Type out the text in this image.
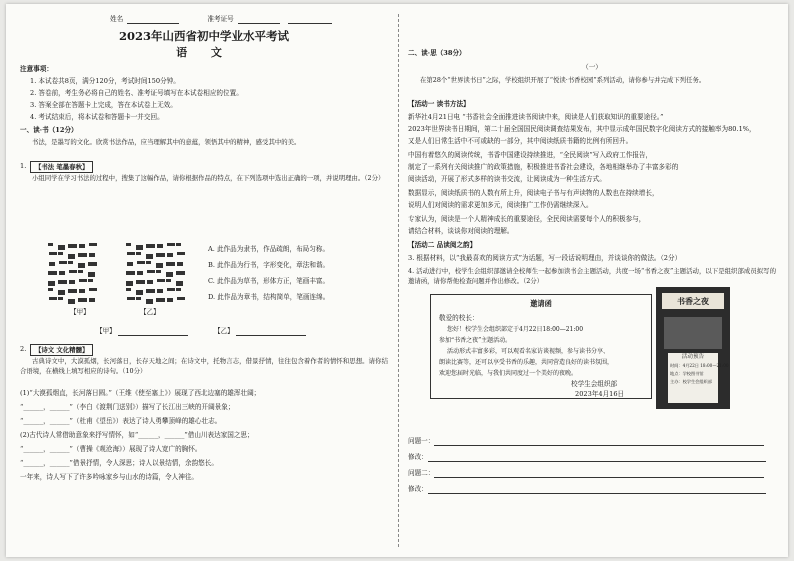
姓名	准考证号
2023年山西省初中学业水平考试
语 文
注意事项：
1. 本试卷共8页，满分120分，考试时间150分钟。
2. 答卷前，考生务必将自己的姓名、准考证号填写在本试卷相应的位置。
3. 答案全部在答题卡上完成，答在本试卷上无效。
4. 考试结束后，将本试卷和答题卡一并交回。
一、读·书（12分）
书法，是墨写的文化。欣赏书法作品，应当理解其中的意蕴，领悟其中的精神，感受其中的美。
1.	【书法 笔墨春秋】
小组同学在学习书法的过程中，搜集了这幅作品，请你根据作品的特点，在下列选项中选出正确的一项，并说明理由。（2分）
【甲】	【乙】
A. 此作品为隶书，作品疏朗，布局匀称。
B. 此作品为行书，字形变化，章法和谐。
C. 此作品为草书，形体方正，笔画丰富。
D. 此作品为章书，结构简单，笔画连绵。
【甲】	【乙】
2.	【诗文 文化精髓】
古典诗文中，大漠孤烟，长河落日，长存天地之间；在诗文中，托物言志，借景抒情，往往包含着作者的情怀和思想。请你结合语境，在横线上填写相应的诗句。（10分）
(1)“大漠孤烟直，长河落日圆。”（王维《使至塞上》）展现了西北边塞的雄浑壮阔；
“______，______”（李白《渡荆门送别》）描写了长江出三峡的开阔景象；
“______，______”（杜甫《望岳》）表达了诗人勇攀顶峰的雄心壮志。
(2)古代诗人常借助意象来抒写情怀，如“______，______”借山川表达家国之思；
“______，______”（曹操《观沧海》）展现了诗人宽广的胸怀。
“______，______”借景抒情，令人深思；诗人以景结情，余韵悠长。
一年来，诗人写下了许多吟咏家乡与山水的诗篇，令人神往。
二、读·思（38分）
（一）
在第28个“世界读书日”之际，学校组织开展了“悦读·书香校园”系列活动，请你参与并完成下列任务。
【活动一 读书方法】
新华社4月21日电 “书香社会全面推进读书阅读中来，阅读是人们获取知识的重要途径。”
2023年世界读书日期间，第二十届全国国民阅读调查结果发布，其中显示成年国民数字化阅读方式的接触率为80.1%，
又是人们日常生活中不可或缺的一部分，其中阅读纸质书籍的比例有所回升。
中国有着悠久的阅读传统，书香中国建设持续推进，“全民阅读”写入政府工作报告，
制定了一系列有关阅读推广的政策措施，积极推进书香社会建设，各地相继举办了丰富多彩的
阅读活动，开展了形式多样的读书交流，让阅读成为一种生活方式。
数据显示，阅读纸质书的人数有所上升，阅读电子书与有声读物的人数也在持续增长，
说明人们对阅读的需求更加多元，阅读推广工作仍需继续深入。
专家认为，阅读是一个人精神成长的重要途径，全民阅读需要每个人的积极参与，
请结合材料，谈谈你对阅读的理解。
【活动二 品读阅之韵】
3. 根据材料，以“我最喜欢的阅读方式”为话题，写一段话说明理由，并谈谈你的做法。（2分）
4. 活动进行中，校学生会组织部邀请全校师生一起参加读书会主题活动，共度一场“书香之夜”主题活动，以下是组织部成员拟写的邀请函，请你帮他检查问题并作出修改。（2分）
邀请函
敬爱的校长：
您好！校学生会组织部定于4月22日18:00—21:00
参加“书香之夜”主题活动。
活动形式丰富多彩，可以观看名家访谈视频，参与读书分享、
朗读比赛等，还可以享受书香的乐趣，共同营造良好的读书氛围，
欢迎您届时光临，与我们共同度过一个美好的夜晚。
校学生会组织部
2023年4月16日
书香之夜
活动预告
时间：4月22日 18:00—21:00
地点：学校图书馆
主办：校学生会组织部
问题一：
修改：
问题二：
修改：
